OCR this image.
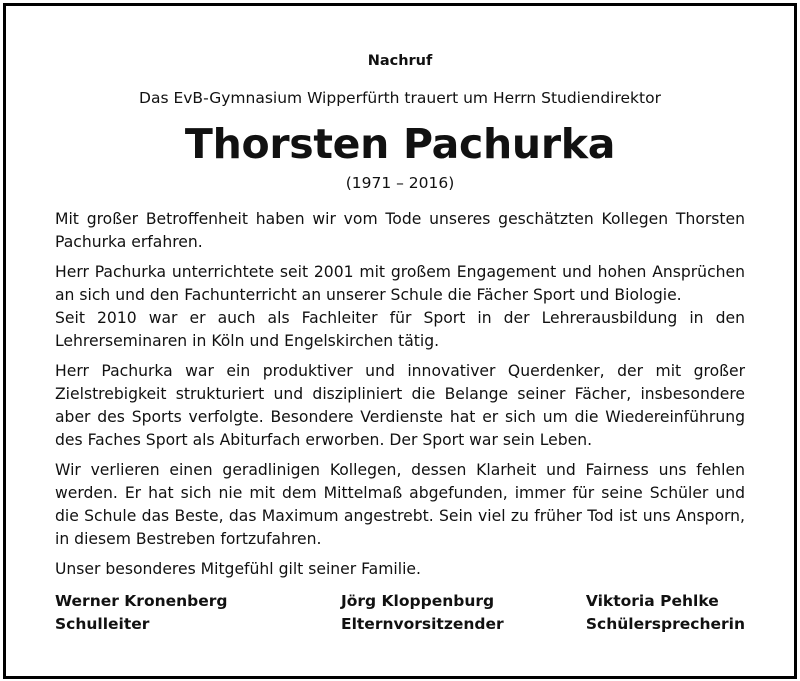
Nachruf
Das EvB-Gymnasium Wipperfürth trauert um Herrn Studiendirektor
Thorsten Pachurka
(1971 – 2016)

Mit großer Betroffenheit haben wir vom Tode unseres geschätzten Kollegen Thorsten Pachurka erfahren.

Herr Pachurka unterrichtete seit 2001 mit großem Engagement und hohen Ansprüchen an sich und den Fachunterricht an unserer Schule die Fächer Sport und Biologie.

Seit 2010 war er auch als Fachleiter für Sport in der Lehrerausbildung in den Lehrerseminaren in Köln und Engelskirchen tätig.

Herr Pachurka war ein produktiver und innovativer Querdenker, der mit großer Zielstrebigkeit strukturiert und diszipliniert die Belange seiner Fächer, insbesondere aber des Sports verfolgte. Besondere Verdienste hat er sich um die Wiedereinführung des Faches Sport als Abiturfach erworben. Der Sport war sein Leben.

Wir verlieren einen geradlinigen Kollegen, dessen Klarheit und Fairness uns fehlen werden. Er hat sich nie mit dem Mittelmaß abgefunden, immer für seine Schüler und die Schule das Beste, das Maximum angestrebt. Sein viel zu früher Tod ist uns Ansporn, in diesem Bestreben fortzufahren.

Unser besonderes Mitgefühl gilt seiner Familie.

Werner Kronenberg
Schulleiter
Jörg Kloppenburg
Elternvorsitzender
Viktoria Pehlke
Schülersprecherin
